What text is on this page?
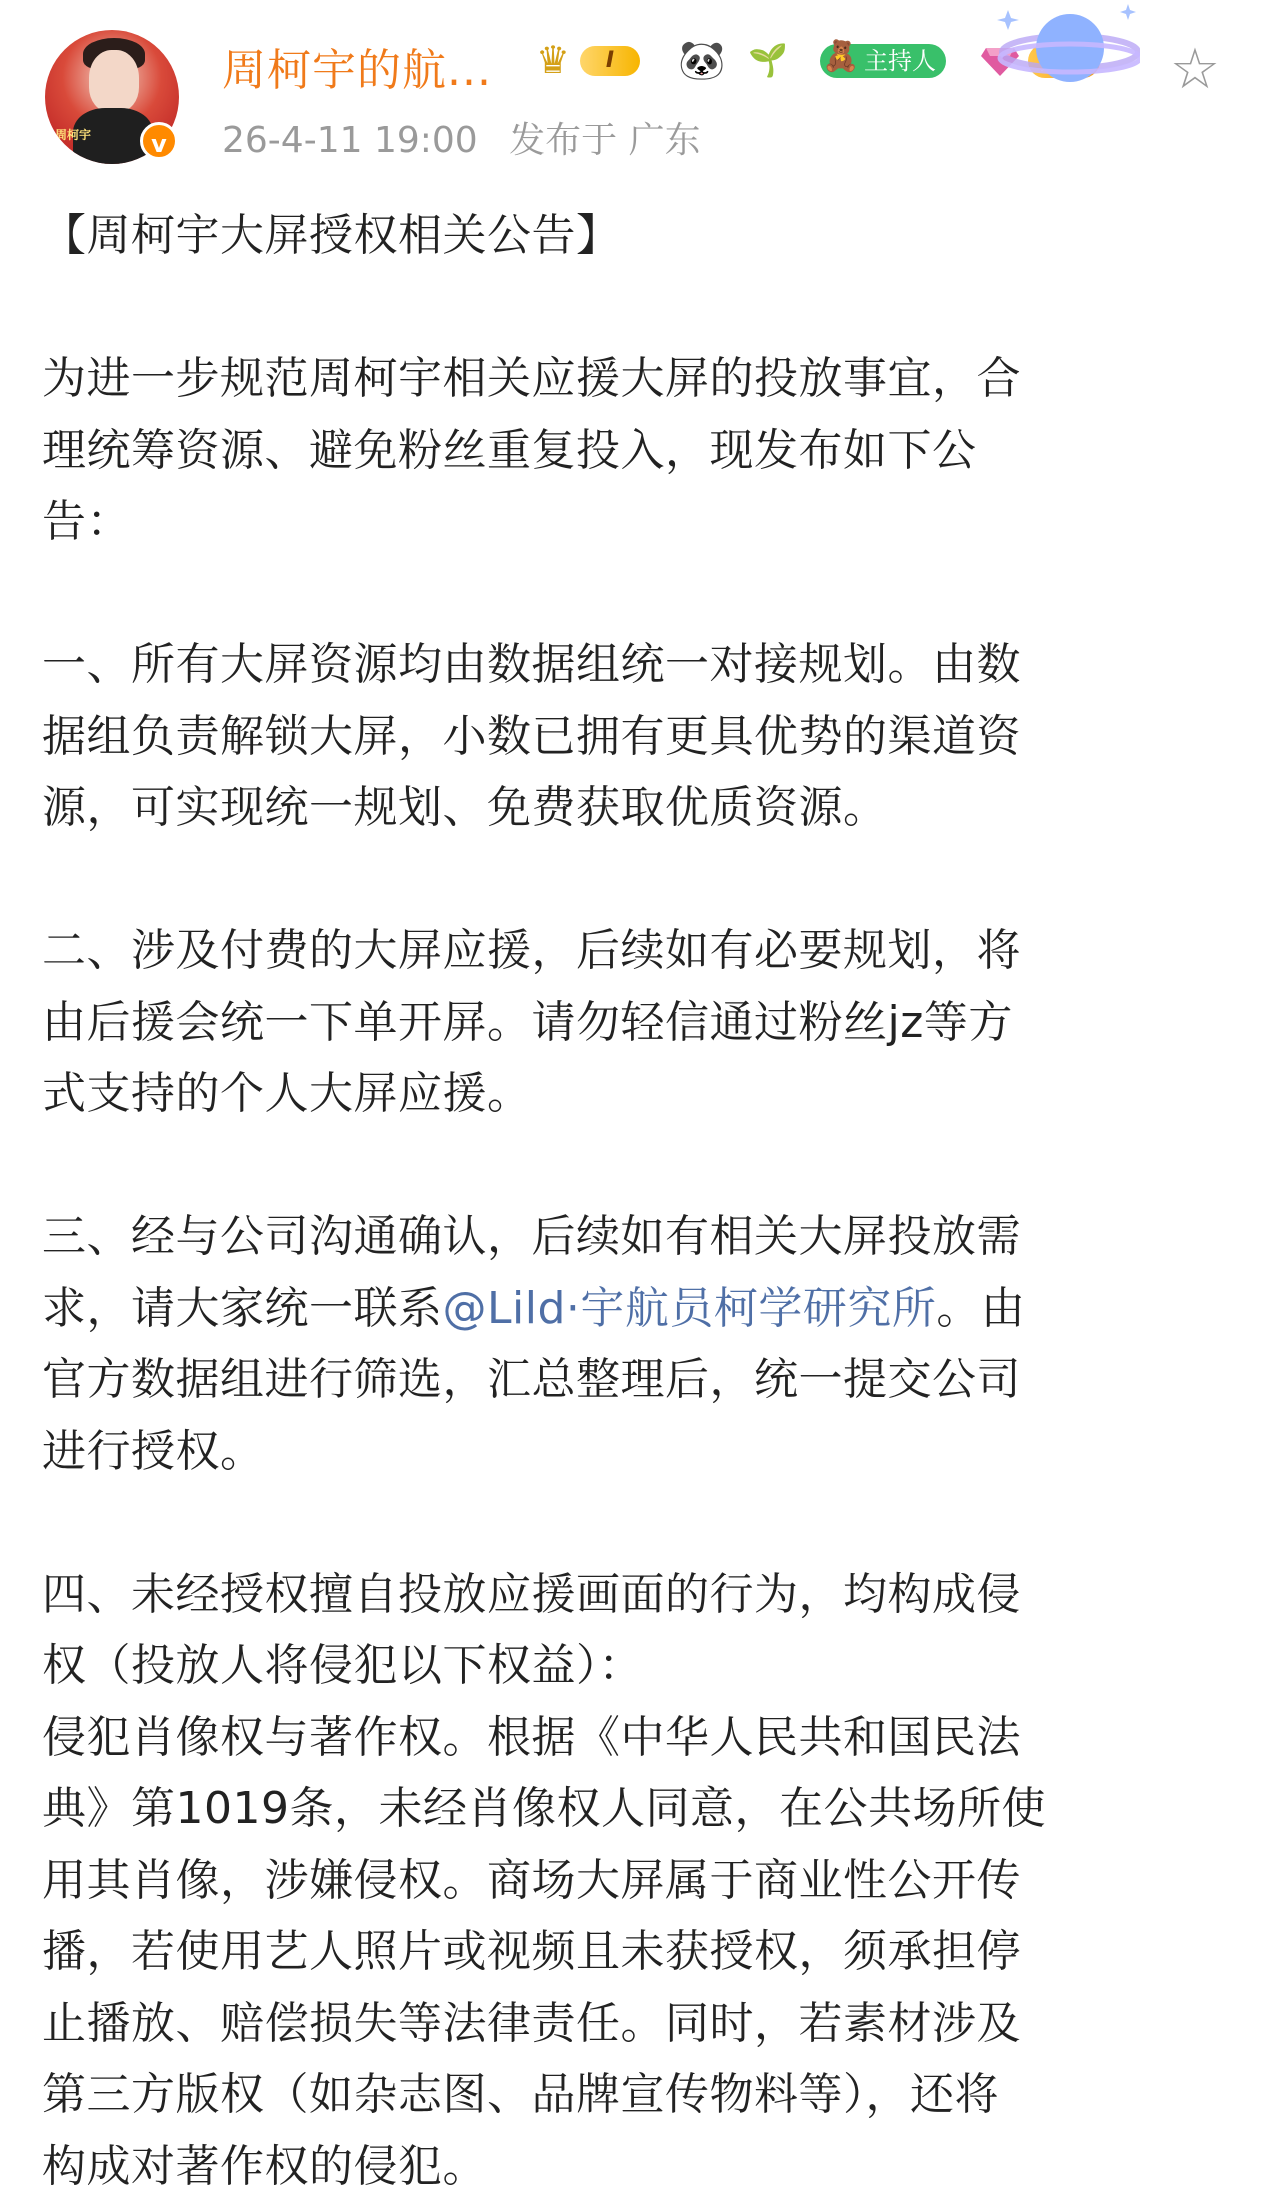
周柯宇	v
周柯宇的航... ♛	I	🐼 🌱 🧸 主持人	☆
26-4-11 19:00 发布于 广东

【周柯宇大屏授权相关公告】

为进一步规范周柯宇相关应援大屏的投放事宜，合

理统筹资源、避免粉丝重复投入，现发布如下公

告：

一、所有大屏资源均由数据组统一对接规划。由数

据组负责解锁大屏，小数已拥有更具优势的渠道资

源，可实现统一规划、免费获取优质资源。

二、涉及付费的大屏应援，后续如有必要规划，将

由后援会统一下单开屏。请勿轻信通过粉丝jz等方

式支持的个人大屏应援。

三、经与公司沟通确认，后续如有相关大屏投放需

求，请大家统一联系@Lild·宇航员柯学研究所。由

官方数据组进行筛选，汇总整理后，统一提交公司

进行授权。

四、未经授权擅自投放应援画面的行为，均构成侵

权（投放人将侵犯以下权益）：

侵犯肖像权与著作权。根据《中华人民共和国民法

典》第1019条，未经肖像权人同意，在公共场所使

用其肖像，涉嫌侵权。商场大屏属于商业性公开传

播，若使用艺人照片或视频且未获授权，须承担停

止播放、赔偿损失等法律责任。同时，若素材涉及

第三方版权（如杂志图、品牌宣传物料等），还将

构成对著作权的侵犯。
